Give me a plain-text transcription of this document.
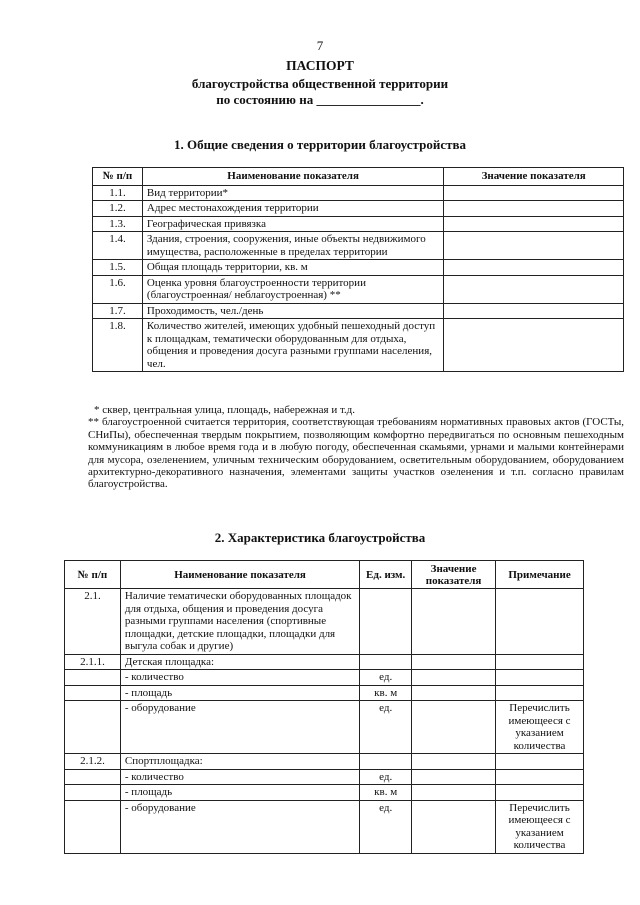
7
ПАСПОРТ
благоустройства общественной территории
по состоянию на ________________.
1. Общие сведения о территории благоустройства
№ п/п	Наименование показателя	Значение показателя
1.1.	Вид территории*	
1.2.	Адрес местонахождения территории	
1.3.	Географическая привязка	
1.4.	Здания, строения, сооружения, иные объекты недвижимого имущества, расположенные в пределах территории	
1.5.	Общая площадь территории, кв. м	
1.6.	Оценка уровня благоустроенности территории (благоустроенная/ неблагоустроенная) **	
1.7.	Проходимость, чел./день	
1.8.	Количество жителей, имеющих удобный пешеходный доступ к площадкам, тематически оборудованным для отдыха, общения и проведения досуга разными группами населения, чел.	

* сквер, центральная улица, площадь, набережная и т.д.

** благоустроенной считается территория, соответствующая требованиям нормативных правовых актов (ГОСТы, СНиПы), обеспеченная твердым покрытием, позволяющим комфортно передвигаться по основным пешеходным коммуникациям в любое время года и в любую погоду, обеспеченная скамьями, урнами и малыми контейнерами для мусора, озеленением, уличным техническим оборудованием, осветительным оборудованием, оборудованием архитектурно-декоративного назначения, элементами защиты участков озеленения и т.п. согласно правилам благоустройства.

2. Характеристика благоустройства
№ п/п	Наименование показателя	Ед. изм.	Значение показателя	Примечание
2.1.	Наличие тематически оборудованных площадок для отдыха, общения и проведения досуга разными группами населения (спортивные площадки, детские площадки, площадки для выгула собак и другие)			
2.1.1.	Детская площадка:			
	- количество	ед.		
	- площадь	кв. м		
	- оборудование	ед.		Перечислить имеющееся с указанием количества
2.1.2.	Спортплощадка:			
	- количество	ед.		
	- площадь	кв. м		
	- оборудование	ед.		Перечислить имеющееся с указанием количества
